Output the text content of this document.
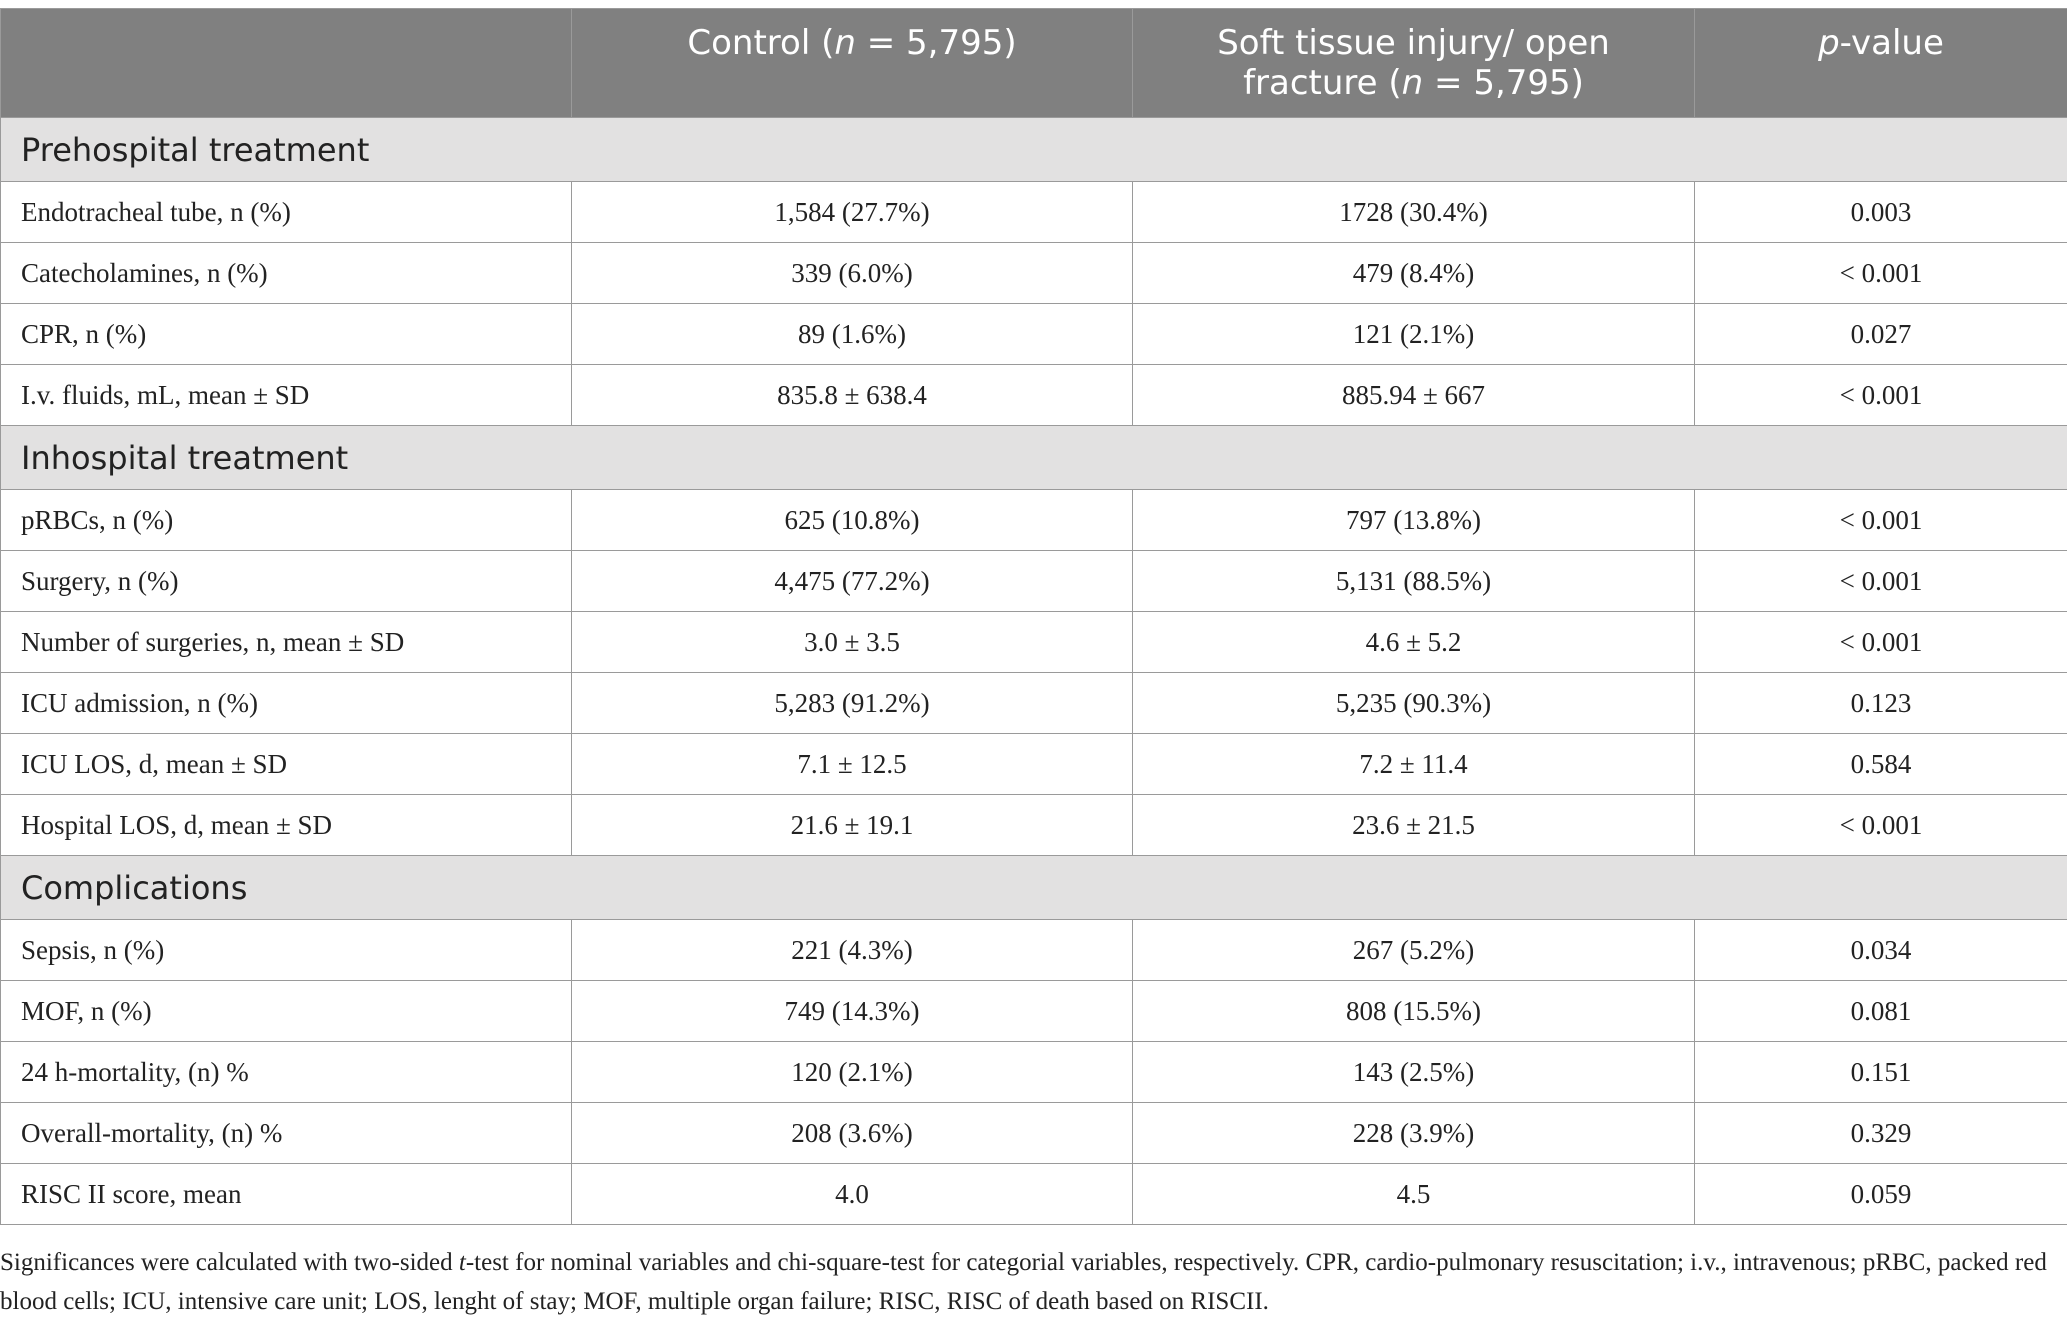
	Control (n = 5,795)	Soft tissue injury/ open fracture (n = 5,795)	p-value
Prehospital treatment			
Endotracheal tube, n (%)	1,584 (27.7%)	1728 (30.4%)	0.003
Catecholamines, n (%)	339 (6.0%)	479 (8.4%)	< 0.001
CPR, n (%)	89 (1.6%)	121 (2.1%)	0.027
I.v. fluids, mL, mean ± SD	835.8 ± 638.4	885.94 ± 667	< 0.001
Inhospital treatment			
pRBCs, n (%)	625 (10.8%)	797 (13.8%)	< 0.001
Surgery, n (%)	4,475 (77.2%)	5,131 (88.5%)	< 0.001
Number of surgeries, n, mean ± SD	3.0 ± 3.5	4.6 ± 5.2	< 0.001
ICU admission, n (%)	5,283 (91.2%)	5,235 (90.3%)	0.123
ICU LOS, d, mean ± SD	7.1 ± 12.5	7.2 ± 11.4	0.584
Hospital LOS, d, mean ± SD	21.6 ± 19.1	23.6 ± 21.5	< 0.001
Complications			
Sepsis, n (%)	221 (4.3%)	267 (5.2%)	0.034
MOF, n (%)	749 (14.3%)	808 (15.5%)	0.081
24 h-mortality, (n) %	120 (2.1%)	143 (2.5%)	0.151
Overall-mortality, (n) %	208 (3.6%)	228 (3.9%)	0.329
RISC II score, mean	4.0	4.5	0.059

Significances were calculated with two-sided t-test for nominal variables and chi-square-test for categorial variables, respectively. CPR, cardio-pulmonary resuscitation; i.v., intravenous; pRBC, packed red blood cells; ICU, intensive care unit; LOS, lenght of stay; MOF, multiple organ failure; RISC, RISC of death based on RISCII.
